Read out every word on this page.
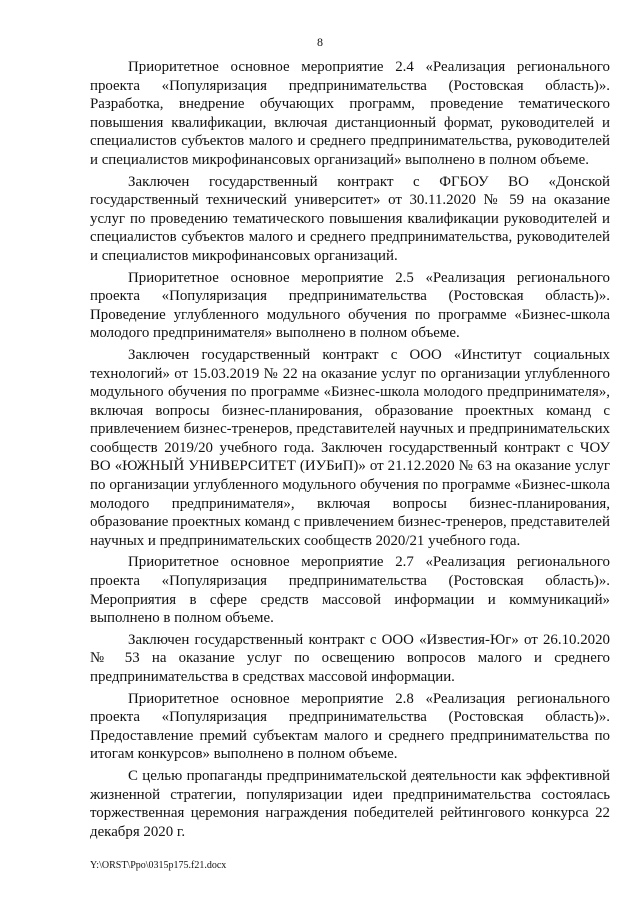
8

Приоритетное основное мероприятие 2.4 «Реализация регионального проекта «Популяризация предпринимательства (Ростовская область)». Разработка, внедрение обучающих программ, проведение тематического повышения квалификации, включая дистанционный формат, руководителей и специалистов субъектов малого и среднего предпринимательства, руководителей и специалистов микрофинансовых организаций» выполнено в полном объеме.

Заключен государственный контракт с ФГБОУ ВО «Донской государственный технический университет» от 30.11.2020 № 59 на оказание услуг по проведению тематического повышения квалификации руководителей и специалистов субъектов малого и среднего предпринимательства, руководителей и специалистов микрофинансовых организаций.

Приоритетное основное мероприятие 2.5 «Реализация регионального проекта «Популяризация предпринимательства (Ростовская область)». Проведение углубленного модульного обучения по программе «Бизнес-школа молодого предпринимателя» выполнено в полном объеме.

Заключен государственный контракт с ООО «Институт социальных технологий» от 15.03.2019 № 22 на оказание услуг по организации углубленного модульного обучения по программе «Бизнес-школа молодого предпринимателя», включая вопросы бизнес-планирования, образование проектных команд с привлечением бизнес-тренеров, представителей научных и предпринимательских сообществ 2019/20 учебного года. Заключен государственный контракт с ЧОУ ВО «ЮЖНЫЙ УНИВЕРСИТЕТ (ИУБиП)» от 21.12.2020 № 63 на оказание услуг по организации углубленного модульного обучения по программе «Бизнес-школа молодого предпринимателя», включая вопросы бизнес-планирования, образование проектных команд с привлечением бизнес-тренеров, представителей научных и предпринимательских сообществ 2020/21 учебного года.

Приоритетное основное мероприятие 2.7 «Реализация регионального проекта «Популяризация предпринимательства (Ростовская область)». Мероприятия в сфере средств массовой информации и коммуникаций» выполнено в полном объеме.

Заключен государственный контракт с ООО «Известия-Юг» от 26.10.2020 № 53 на оказание услуг по освещению вопросов малого и среднего предпринимательства в средствах массовой информации.

Приоритетное основное мероприятие 2.8 «Реализация регионального проекта «Популяризация предпринимательства (Ростовская область)». Предоставление премий субъектам малого и среднего предпринимательства по итогам конкурсов» выполнено в полном объеме.

С целью пропаганды предпринимательской деятельности как эффективной жизненной стратегии, популяризации идеи предпринимательства состоялась торжественная церемония награждения победителей рейтингового конкурса 22 декабря 2020 г.

Y:\ORST\Ppo\0315p175.f21.docx
